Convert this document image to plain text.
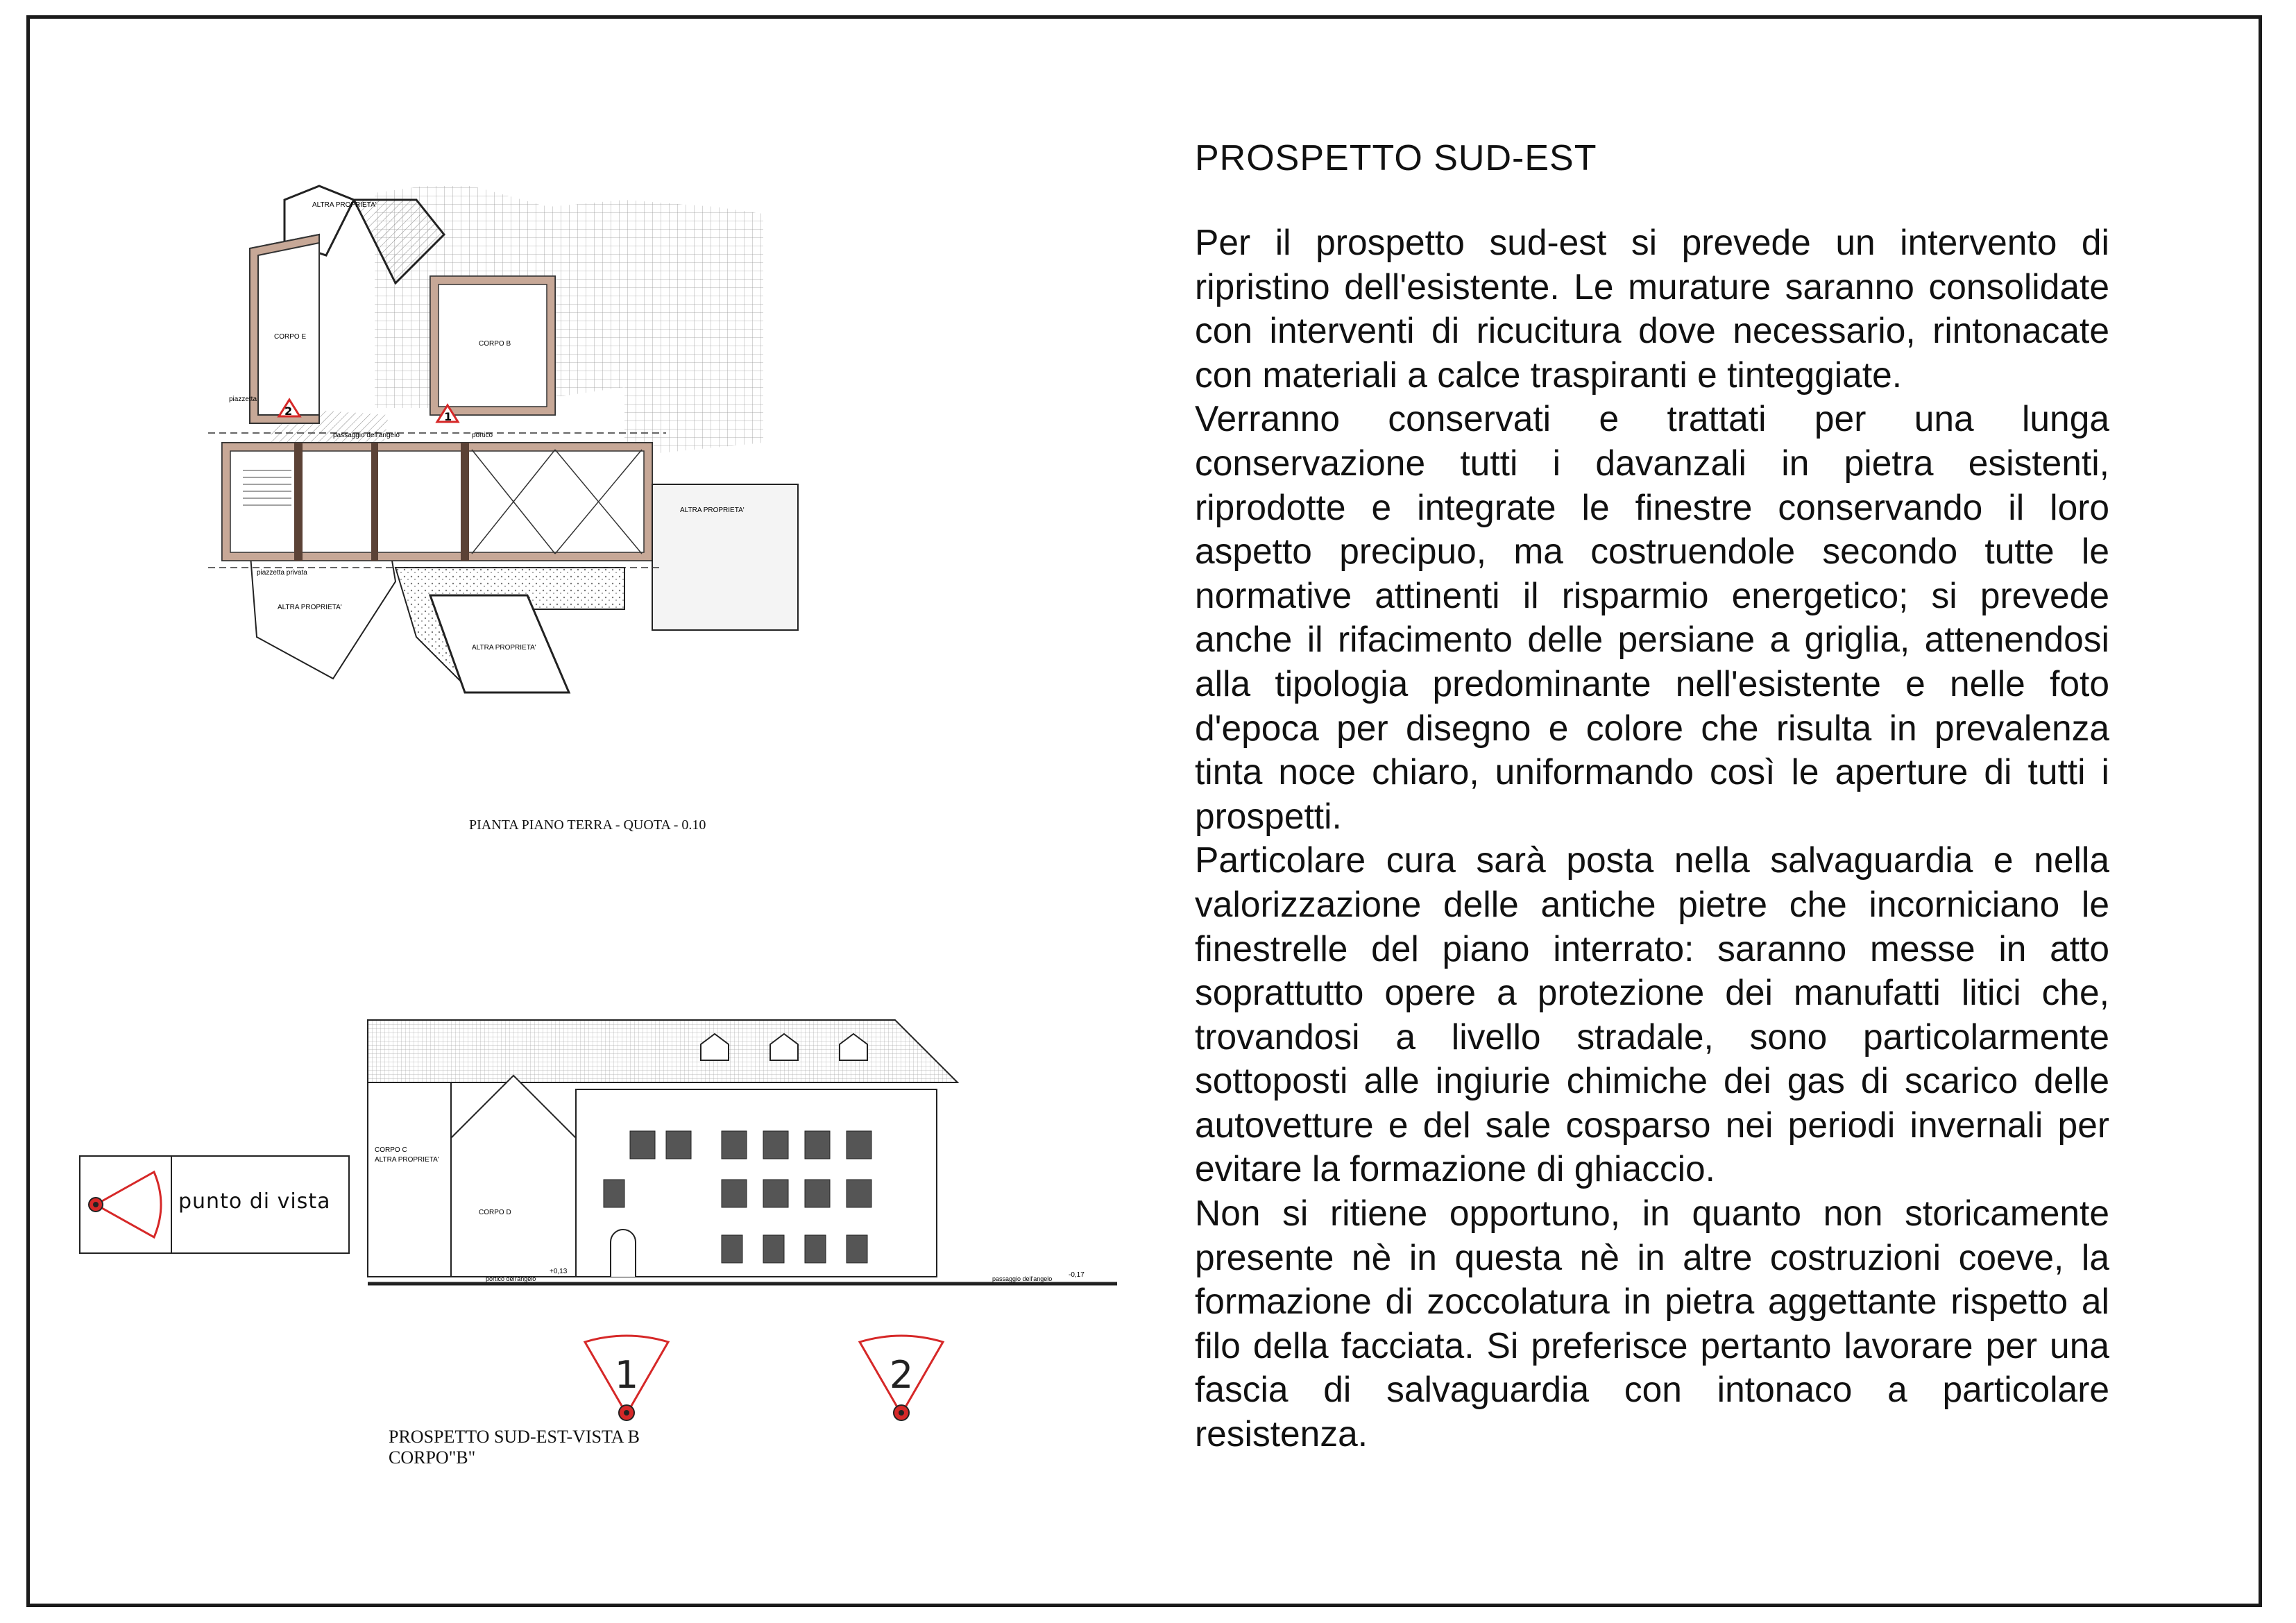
PROSPETTO SUD-EST

Per il prospetto sud-est si prevede un intervento di ripristino dell'esistente. Le murature saranno consolidate con interventi di ricucitura dove necessario, rintonacate con materiali a calce traspiranti e tinteggiate.

Verranno conservati e trattati per una lunga conservazione tutti i davanzali in pietra esistenti, riprodotte e integrate le finestre conservando il loro aspetto precipuo, ma costruendole secondo tutte le normative attinenti il risparmio energetico; si prevede anche il rifacimento delle persiane a griglia, attenendosi alla tipologia predominante nell'esistente e nelle foto d'epoca per disegno e colore che risulta in prevalenza tinta noce chiaro, uniformando così le aperture di tutti i prospetti.

Particolare cura sarà posta nella salvaguardia e nella valorizzazione delle antiche pietre che incorniciano le finestrelle del piano interrato: saranno messe in atto soprattutto opere a protezione dei manufatti litici che, trovandosi a livello stradale, sono particolarmente sottoposti alle ingiurie chimiche dei gas di scarico delle autovetture e del sale cosparso nei periodi invernali per evitare la formazione di ghiaccio.

Non si ritiene opportuno, in quanto non storicamente presente nè in questa nè in altre costruzioni coeve, la formazione di zoccolatura in pietra aggettante rispetto al filo della facciata. Si preferisce pertanto lavorare per una fascia di salvaguardia con intonaco a particolare resistenza.

ALTRA PROPRIETA'
CORPO E
CORPO B
piazzetta
passaggio dell'angelo	portico
piazzetta privata
ALTRA PROPRIETA'
ALTRA PROPRIETA'
ALTRA PROPRIETA'
2	1
PIANTA PIANO TERRA - QUOTA - 0.10
CORPO D
CORPO C
ALTRA PROPRIETA'
portico dell'angelo	passaggio dell'angelo
+0,13	-0,17
PROSPETTO SUD-EST-VISTA B
CORPO"B"
1	2
punto di vista
